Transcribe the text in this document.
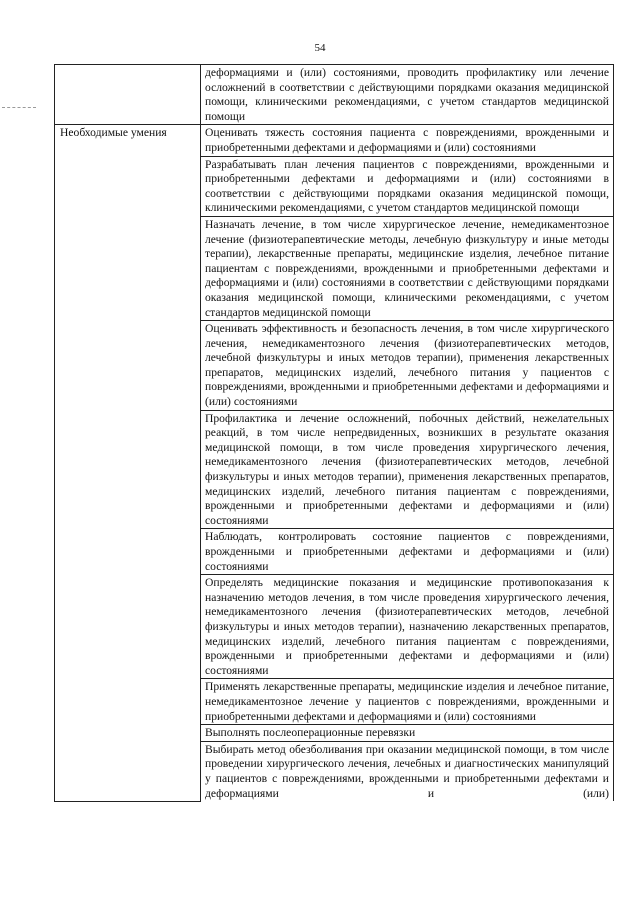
54
	деформациями и (или) состояниями, проводить профилактику или лечение осложнений в соответствии с действующими порядками оказания медицинской помощи, клиническими рекомендациями, с учетом стандартов медицинской помощи
Необходимые умения	Оценивать тяжесть состояния пациента с повреждениями, врожденными и приобретенными дефектами и деформациями и (или) состояниями
	Разрабатывать план лечения пациентов с повреждениями, врожденными и приобретенными дефектами и деформациями и (или) состояниями в соответствии с действующими порядками оказания медицинской помощи, клиническими рекомендациями, с учетом стандартов медицинской помощи
	Назначать лечение, в том числе хирургическое лечение, немедикаментозное лечение (физиотерапевтические методы, лечебную физкультуру и иные методы терапии), лекарственные препараты, медицинские изделия, лечебное питание пациентам с повреждениями, врожденными и приобретенными дефектами и деформациями и (или) состояниями в соответствии с действующими порядками оказания медицинской помощи, клиническими рекомендациями, с учетом стандартов медицинской помощи
	Оценивать эффективность и безопасность лечения, в том числе хирургического лечения, немедикаментозного лечения (физиотерапевтических методов, лечебной физкультуры и иных методов терапии), применения лекарственных препаратов, медицинских изделий, лечебного питания у пациентов с повреждениями, врожденными и приобретенными дефектами и деформациями и (или) состояниями
	Профилактика и лечение осложнений, побочных действий, нежелательных реакций, в том числе непредвиденных, возникших в результате оказания медицинской помощи, в том числе проведения хирургического лечения, немедикаментозного лечения (физиотерапевтических методов, лечебной физкультуры и иных методов терапии), применения лекарственных препаратов, медицинских изделий, лечебного питания пациентам с повреждениями, врожденными и приобретенными дефектами и деформациями и (или) состояниями
	Наблюдать, контролировать состояние пациентов с повреждениями, врожденными и приобретенными дефектами и деформациями и (или) состояниями
	Определять медицинские показания и медицинские противопоказания к назначению методов лечения, в том числе проведения хирургического лечения, немедикаментозного лечения (физиотерапевтических методов, лечебной физкультуры и иных методов терапии), назначению лекарственных препаратов, медицинских изделий, лечебного питания пациентам с повреждениями, врожденными и приобретенными дефектами и деформациями и (или) состояниями
	Применять лекарственные препараты, медицинские изделия и лечебное питание, немедикаментозное лечение у пациентов с повреждениями, врожденными и приобретенными дефектами и деформациями и (или) состояниями
	Выполнять послеоперационные перевязки
	Выбирать метод обезболивания при оказании медицинской помощи, в том числе проведении хирургического лечения, лечебных и диагностических манипуляций у пациентов с повреждениями, врожденными и приобретенными дефектами и деформациями и (или)
